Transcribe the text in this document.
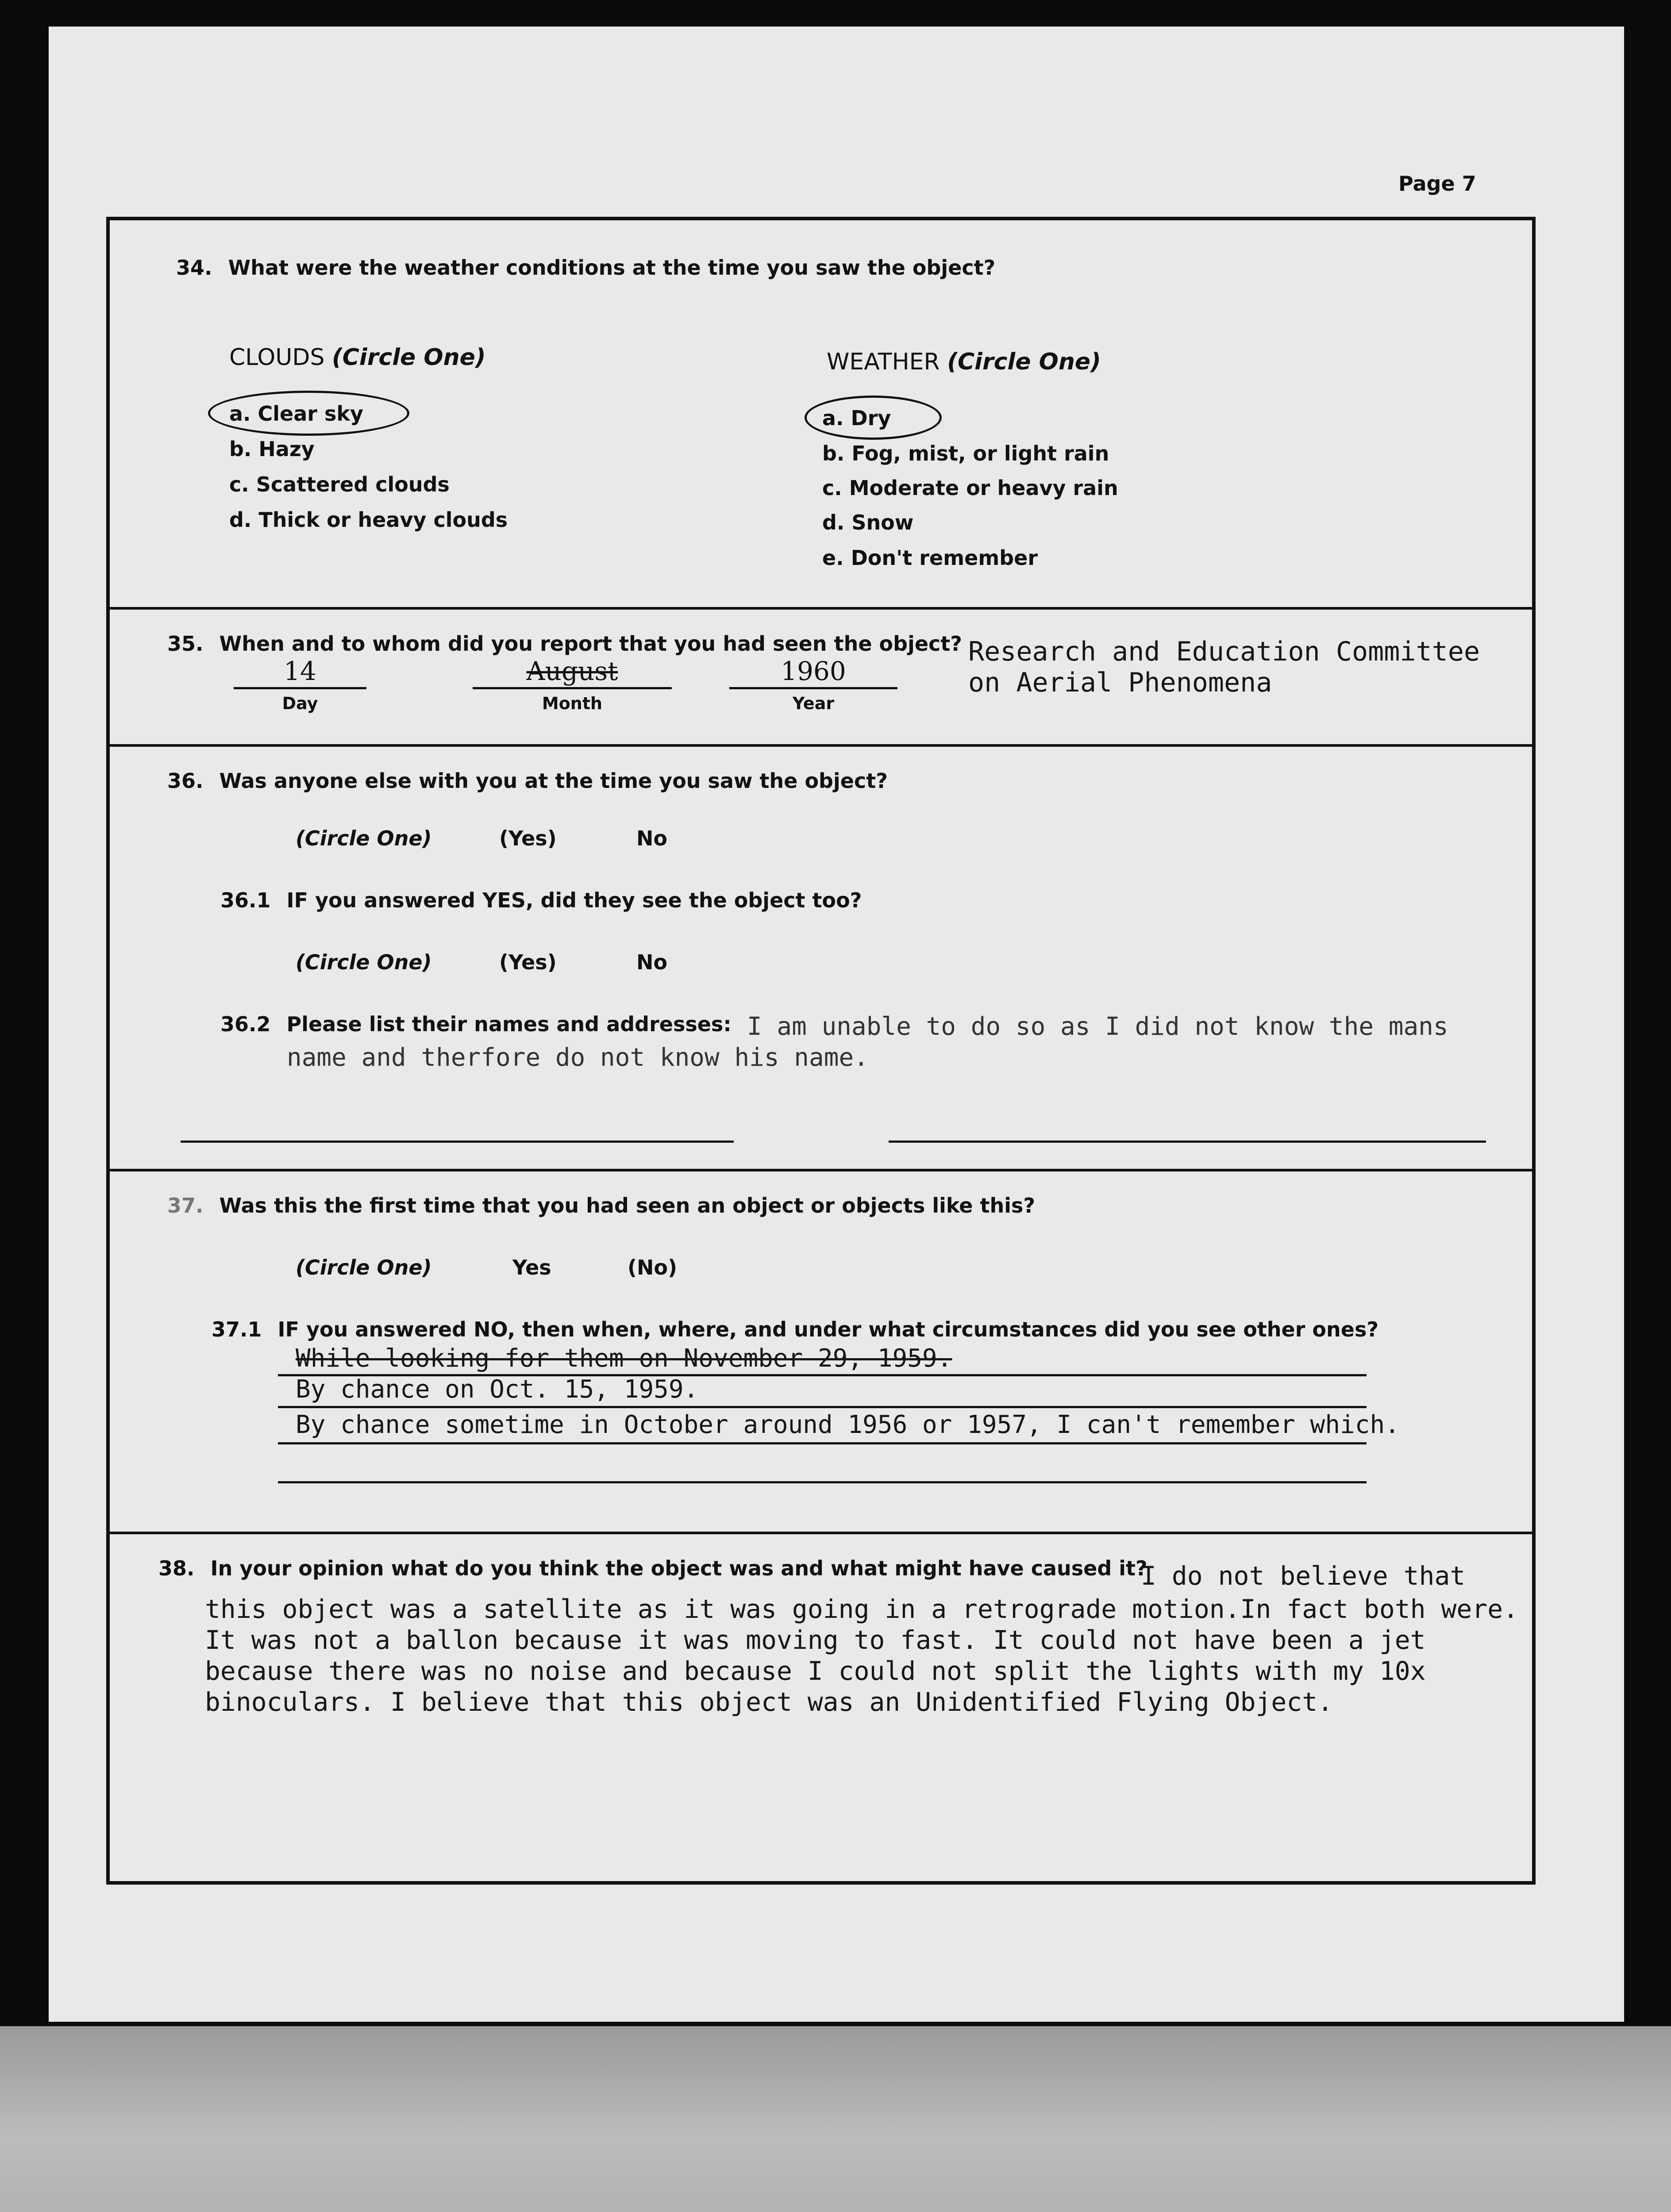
Page 7
34. What were the weather conditions at the time you saw the object?
CLOUDS (Circle One)
a. Clear sky
b. Hazy
c. Scattered clouds
d. Thick or heavy clouds
WEATHER (Circle One)
a. Dry
b. Fog, mist, or light rain
c. Moderate or heavy rain
d. Snow
e. Don't remember
35. When and to whom did you report that you had seen the object?
14
Day
August
Month
1960
Year
Research and Education Committee
on Aerial Phenomena
36. Was anyone else with you at the time you saw the object?
(Circle One)	(Yes)	No
36.1 IF you answered YES, did they see the object too?
(Circle One)	(Yes)	No
36.2 Please list their names and addresses: I am unable to do so as I did not know the mans
name and therfore do not know his name.
37. Was this the first time that you had seen an object or objects like this?
(Circle One)	Yes	(No)
37.1 IF you answered NO, then when, where, and under what circumstances did you see other ones?
While looking for them on November 29, 1959.
By chance on Oct. 15, 1959.
By chance sometime in October around 1956 or 1957, I can't remember which.
38. In your opinion what do you think the object was and what might have caused it?
I do not believe that
this object was a satellite as it was going in a retrograde motion.In fact both were.
It was not a ballon because it was moving to fast. It could not have been a jet
because there was no noise and because I could not split the lights with my 10x
binoculars. I believe that this object was an Unidentified Flying Object.
